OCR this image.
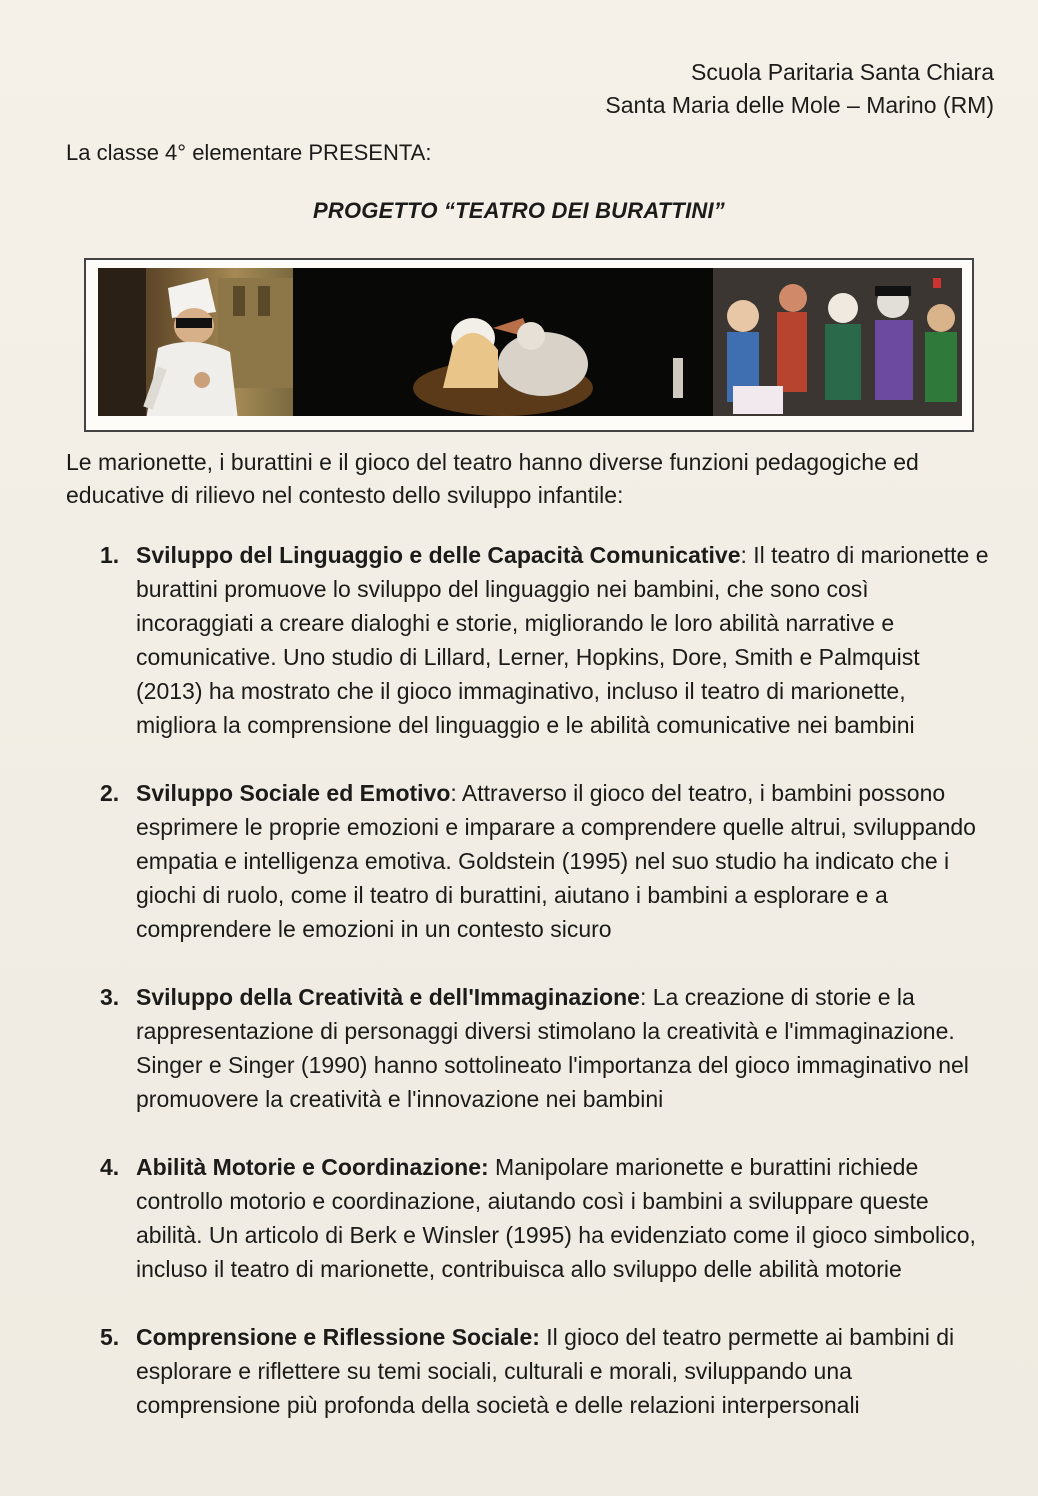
Scuola Paritaria Santa Chiara
Santa Maria delle Mole – Marino (RM)
La classe 4° elementare PRESENTA:
PROGETTO “TEATRO DEI BURATTINI”
Le marionette, i burattini e il gioco del teatro hanno diverse funzioni pedagogiche ed educative di rilievo nel contesto dello sviluppo infantile:
1. Sviluppo del Linguaggio e delle Capacità Comunicative: Il teatro di marionette e burattini promuove lo sviluppo del linguaggio nei bambini, che sono così incoraggiati a creare dialoghi e storie, migliorando le loro abilità narrative e comunicative. Uno studio di Lillard, Lerner, Hopkins, Dore, Smith e Palmquist (2013) ha mostrato che il gioco immaginativo, incluso il teatro di marionette, migliora la comprensione del linguaggio e le abilità comunicative nei bambini
2. Sviluppo Sociale ed Emotivo: Attraverso il gioco del teatro, i bambini possono esprimere le proprie emozioni e imparare a comprendere quelle altrui, sviluppando empatia e intelligenza emotiva. Goldstein (1995) nel suo studio ha indicato che i giochi di ruolo, come il teatro di burattini, aiutano i bambini a esplorare e a comprendere le emozioni in un contesto sicuro
3. Sviluppo della Creatività e dell'Immaginazione: La creazione di storie e la rappresentazione di personaggi diversi stimolano la creatività e l'immaginazione. Singer e Singer (1990) hanno sottolineato l'importanza del gioco immaginativo nel promuovere la creatività e l'innovazione nei bambini
4. Abilità Motorie e Coordinazione: Manipolare marionette e burattini richiede controllo motorio e coordinazione, aiutando così i bambini a sviluppare queste abilità. Un articolo di Berk e Winsler (1995) ha evidenziato come il gioco simbolico, incluso il teatro di marionette, contribuisca allo sviluppo delle abilità motorie
5. Comprensione e Riflessione Sociale: Il gioco del teatro permette ai bambini di esplorare e riflettere su temi sociali, culturali e morali, sviluppando una comprensione più profonda della società e delle relazioni interpersonali
